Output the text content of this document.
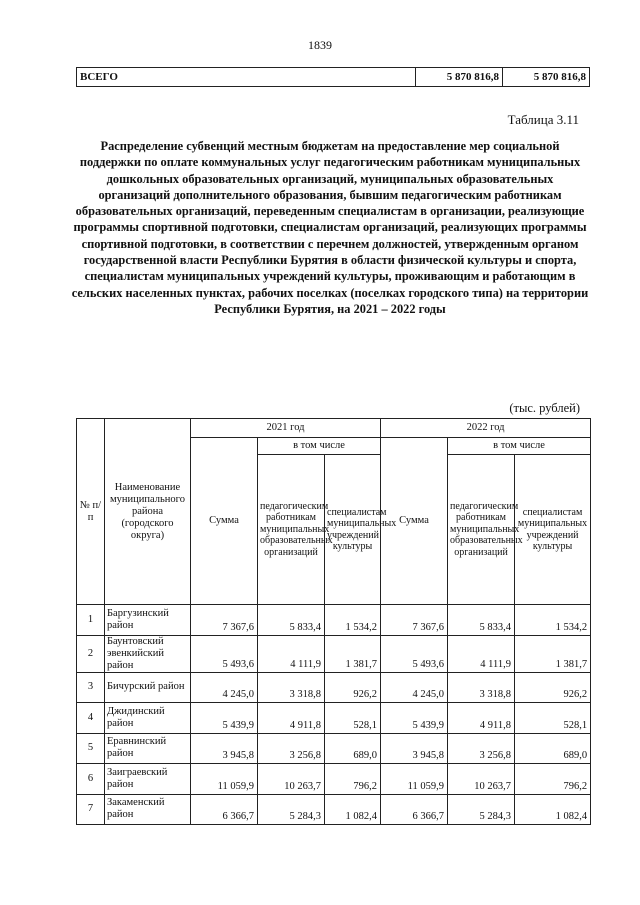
1839
ВСЕГО	5 870 816,8	5 870 816,8
Таблица 3.11
Распределение субвенций местным бюджетам на предоставление мер социальной поддержки по оплате коммунальных услуг педагогическим работникам муниципальных дошкольных образовательных организаций, муниципальных образовательных организаций дополнительного образования, бывшим педагогическим работникам образовательных организаций, переведенным специалистам в организации, реализующие программы спортивной подготовки, специалистам организаций, реализующих программы спортивной подготовки, в соответствии с перечнем должностей, утвержденным органом государственной власти Республики Бурятия в области физической культуры и спорта, специалистам муниципальных учреждений культуры, проживающим и работающим в сельских населенных пунктах, рабочих поселках (поселках городского типа) на территории Республики Бурятия, на 2021 – 2022 годы
(тыс. рублей)
№ п/п	Наименование муниципального района (городского округа)	2021 год			2022 год		
		Сумма	в том числе		Сумма	в том числе	
			педагогическим работникам муниципальных образовательных организаций	специалистам муниципальных учреждений культуры		педагогическим работникам муниципальных образовательных организаций	специалистам муниципальных учреждений культуры
1	Баргузинский район	7 367,6	5 833,4	1 534,2	7 367,6	5 833,4	1 534,2
2	Баунтовский эвенкийский район	5 493,6	4 111,9	1 381,7	5 493,6	4 111,9	1 381,7
3	Бичурский район	4 245,0	3 318,8	926,2	4 245,0	3 318,8	926,2
4	Джидинский район	5 439,9	4 911,8	528,1	5 439,9	4 911,8	528,1
5	Еравнинский район	3 945,8	3 256,8	689,0	3 945,8	3 256,8	689,0
6	Заиграевский район	11 059,9	10 263,7	796,2	11 059,9	10 263,7	796,2
7	Закаменский район	6 366,7	5 284,3	1 082,4	6 366,7	5 284,3	1 082,4
